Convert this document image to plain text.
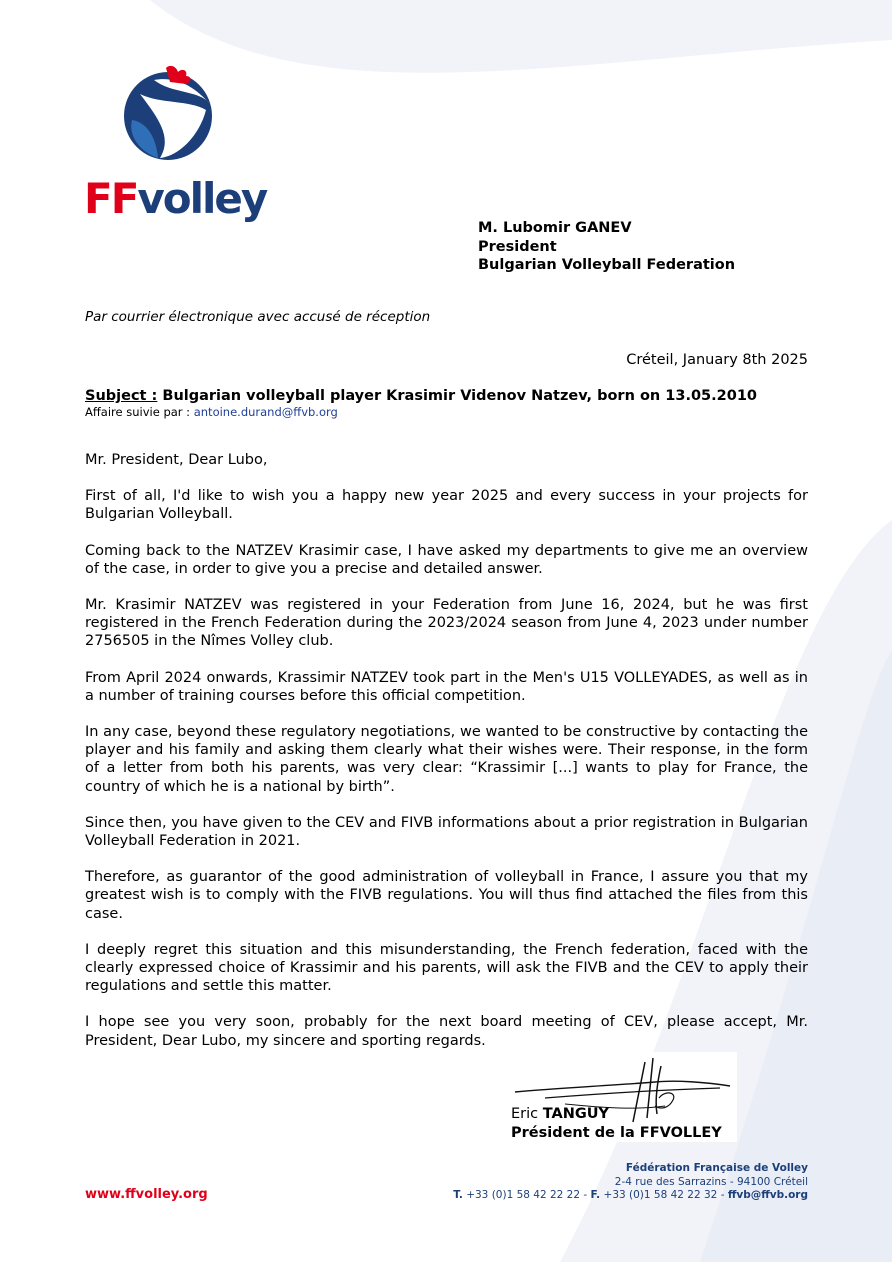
FFvolley
M. Lubomir GANEV
President
Bulgarian Volleyball Federation
Par courrier électronique avec accusé de réception
Créteil, January 8th 2025
Subject : Bulgarian volleyball player Krasimir Videnov Natzev, born on 13.05.2010
Affaire suivie par : antoine.durand@ffvb.org

Mr. President, Dear Lubo,

First of all, I'd like to wish you a happy new year 2025 and every success in your projects for Bulgarian Volleyball.

Coming back to the NATZEV Krasimir case, I have asked my departments to give me an overview of the case, in order to give you a precise and detailed answer.

Mr. Krasimir NATZEV was registered in your Federation from June 16, 2024, but he was first registered in the French Federation during the 2023/2024 season from June 4, 2023 under number 2756505 in the Nîmes Volley club.

From April 2024 onwards, Krassimir NATZEV took part in the Men's U15 VOLLEYADES, as well as in a number of training courses before this official competition.

In any case, beyond these regulatory negotiations, we wanted to be constructive by contacting the player and his family and asking them clearly what their wishes were. Their response, in the form of a letter from both his parents, was very clear: “Krassimir [...] wants to play for France, the country of which he is a national by birth”.

Since then, you have given to the CEV and FIVB informations about a prior registration in Bulgarian Volleyball Federation in 2021.

Therefore, as guarantor of the good administration of volleyball in France, I assure you that my greatest wish is to comply with the FIVB regulations. You will thus find attached the files from this case.

I deeply regret this situation and this misunderstanding, the French federation, faced with the clearly expressed choice of Krassimir and his parents, will ask the FIVB and the CEV to apply their regulations and settle this matter.

I hope see you very soon, probably for the next board meeting of CEV, please accept, Mr. President, Dear Lubo, my sincere and sporting regards.

Eric TANGUY
Président de la FFVOLLEY
www.ffvolley.org
Fédération Française de Volley
2-4 rue des Sarrazins - 94100 Créteil
T. +33 (0)1 58 42 22 22 - F. +33 (0)1 58 42 22 32 - ffvb@ffvb.org
